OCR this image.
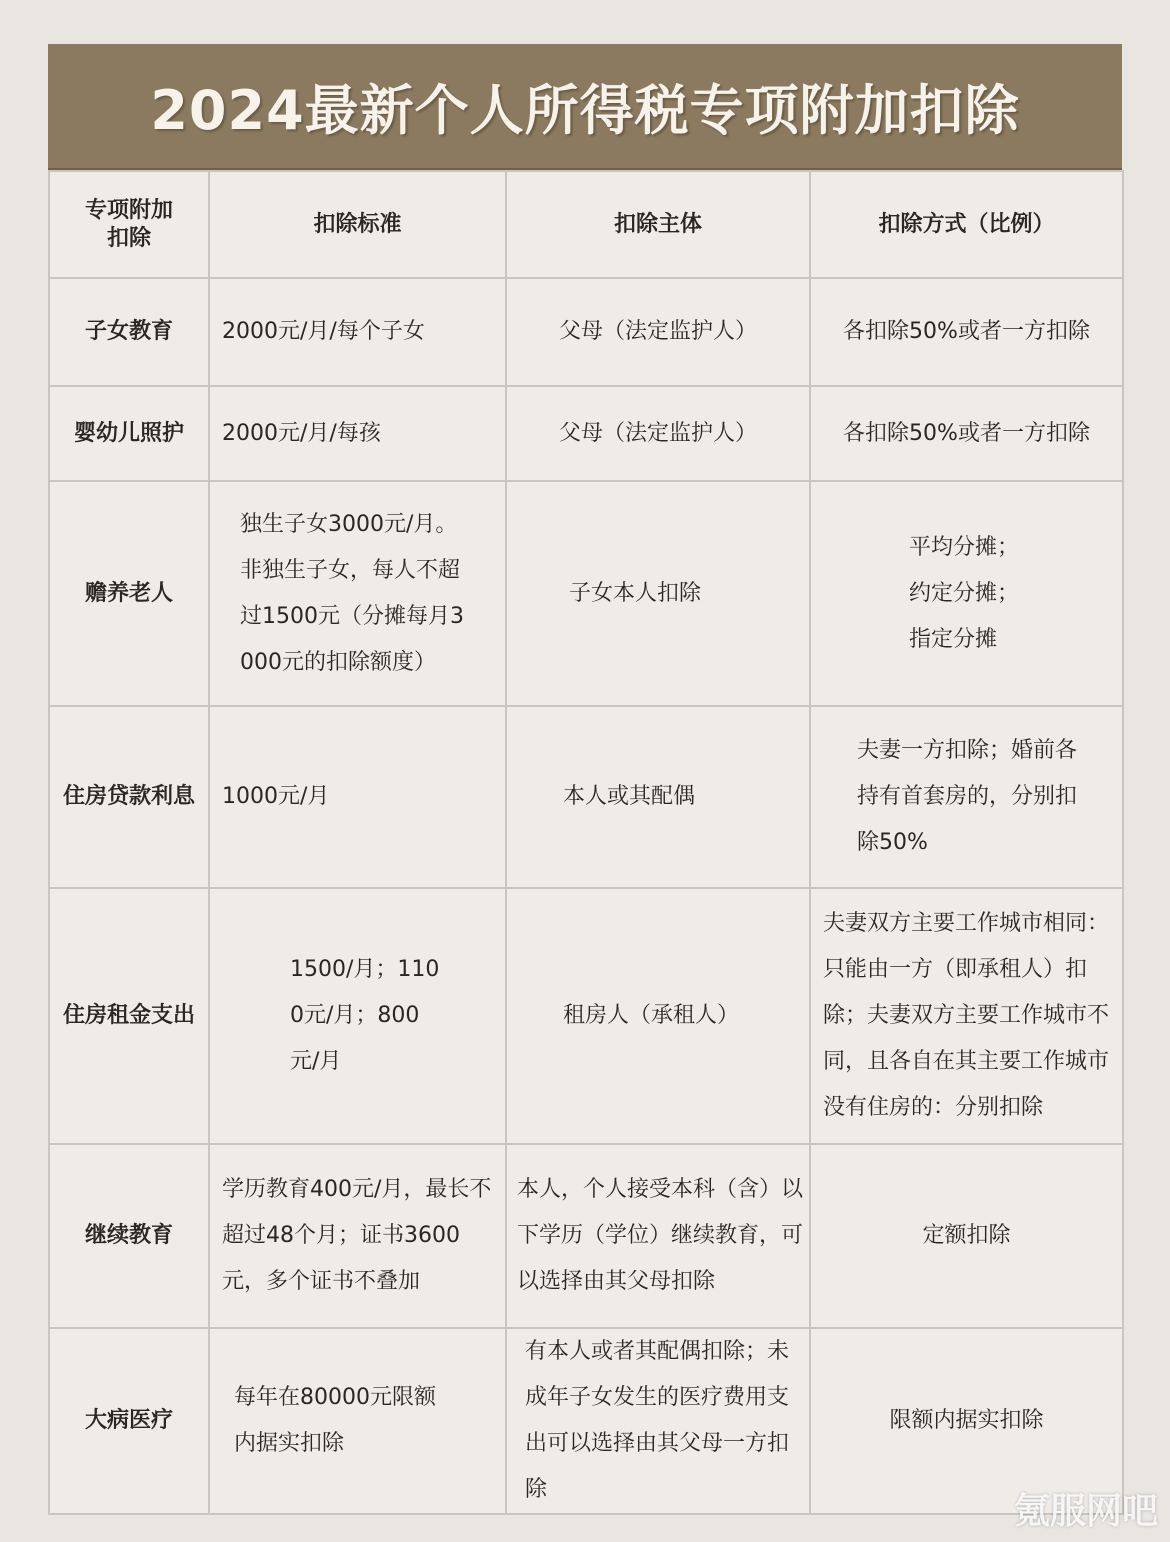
2024最新个人所得税专项附加扣除
专项附加扣除	扣除标准	扣除主体	扣除方式（比例）
子女教育	2000元/月/每个子女	父母（法定监护人）	各扣除50%或者一方扣除
婴幼儿照护	2000元/月/每孩	父母（法定监护人）	各扣除50%或者一方扣除
赡养老人	独生子女3000元/月。非独生子女，每人不超过1500元（分摊每月3000元的扣除额度）	子女本人扣除	平均分摊；约定分摊；指定分摊
住房贷款利息	1000元/月	本人或其配偶	夫妻一方扣除；婚前各持有首套房的，分别扣除50%
住房租金支出	1500/月；1100元/月；800元/月	租房人（承租人）	夫妻双方主要工作城市相同：只能由一方（即承租人）扣除；夫妻双方主要工作城市不同，且各自在其主要工作城市没有住房的：分别扣除
继续教育	学历教育400元/月，最长不超过48个月；证书3600元，多个证书不叠加	本人，个人接受本科（含）以下学历（学位）继续教育，可以选择由其父母扣除	定额扣除
大病医疗	每年在80000元限额内据实扣除	有本人或者其配偶扣除；未成年子女发生的医疗费用支出可以选择由其父母一方扣除	限额内据实扣除
氪服网吧
